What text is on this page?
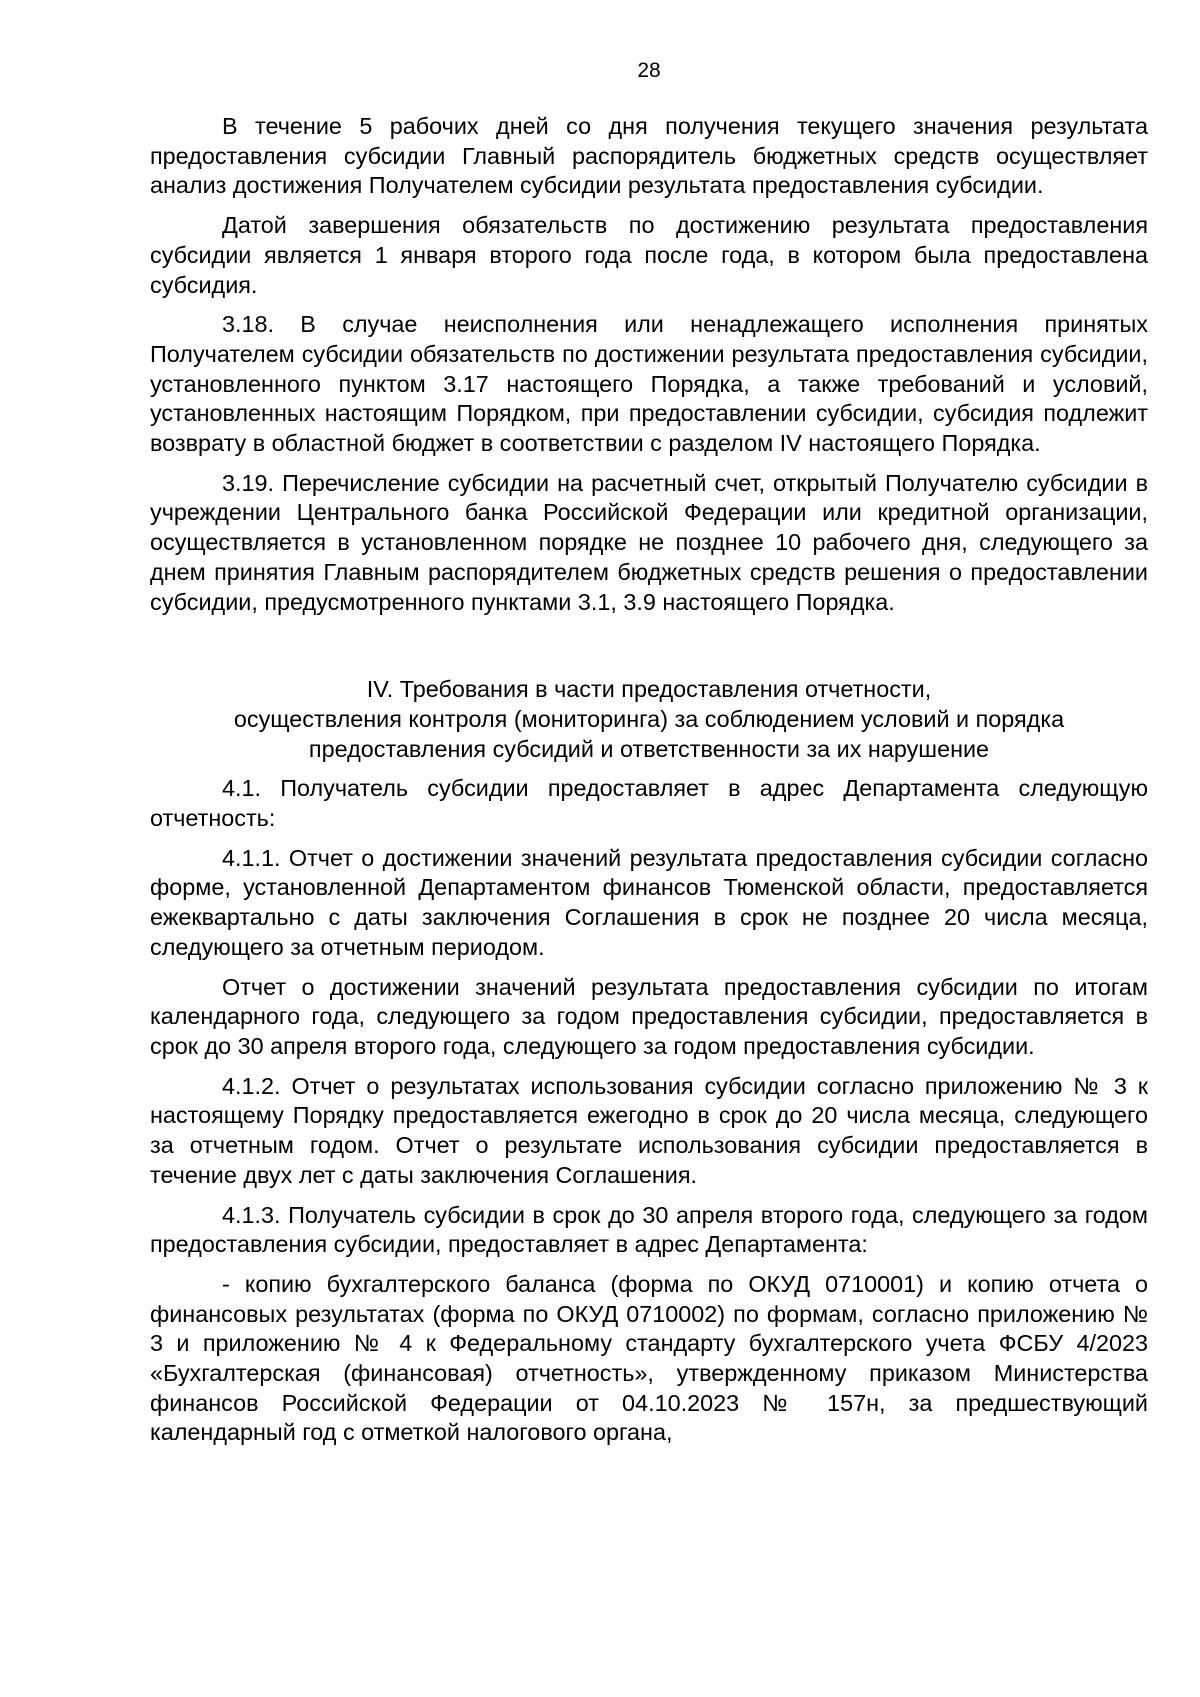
28

В течение 5 рабочих дней со дня получения текущего значения результата предоставления субсидии Главный распорядитель бюджетных средств осуществляет анализ достижения Получателем субсидии результата предоставления субсидии.

Датой завершения обязательств по достижению результата предоставления субсидии является 1 января второго года после года, в котором была предоставлена субсидия.

3.18. В случае неисполнения или ненадлежащего исполнения принятых Получателем субсидии обязательств по достижении результата предоставления субсидии, установленного пунктом 3.17 настоящего Порядка, а также требований и условий, установленных настоящим Порядком, при предоставлении субсидии, субсидия подлежит возврату в областной бюджет в соответствии с разделом IV настоящего Порядка.

3.19. Перечисление субсидии на расчетный счет, открытый Получателю субсидии в учреждении Центрального банка Российской Федерации или кредитной организации, осуществляется в установленном порядке не позднее 10 рабочего дня, следующего за днем принятия Главным распорядителем бюджетных средств решения о предоставлении субсидии, предусмотренного пунктами 3.1, 3.9 настоящего Порядка.

IV. Требования в части предоставления отчетности,
осуществления контроля (мониторинга) за соблюдением условий и порядка
предоставления субсидий и ответственности за их нарушение

4.1. Получатель субсидии предоставляет в адрес Департамента следующую отчетность:

4.1.1. Отчет о достижении значений результата предоставления субсидии согласно форме, установленной Департаментом финансов Тюменской области, предоставляется ежеквартально с даты заключения Соглашения в срок не позднее 20 числа месяца, следующего за отчетным периодом.

Отчет о достижении значений результата предоставления субсидии по итогам календарного года, следующего за годом предоставления субсидии, предоставляется в срок до 30 апреля второго года, следующего за годом предоставления субсидии.

4.1.2. Отчет о результатах использования субсидии согласно приложению № 3 к настоящему Порядку предоставляется ежегодно в срок до 20 числа месяца, следующего за отчетным годом. Отчет о результате использования субсидии предоставляется в течение двух лет с даты заключения Соглашения.

4.1.3. Получатель субсидии в срок до 30 апреля второго года, следующего за годом предоставления субсидии, предоставляет в адрес Департамента:

- копию бухгалтерского баланса (форма по ОКУД 0710001) и копию отчета о финансовых результатах (форма по ОКУД 0710002) по формам, согласно приложению № 3 и приложению № 4 к Федеральному стандарту бухгалтерского учета ФСБУ 4/2023 «Бухгалтерская (финансовая) отчетность», утвержденному приказом Министерства финансов Российской Федерации от 04.10.2023 № 157н, за предшествующий календарный год с отметкой налогового органа,
